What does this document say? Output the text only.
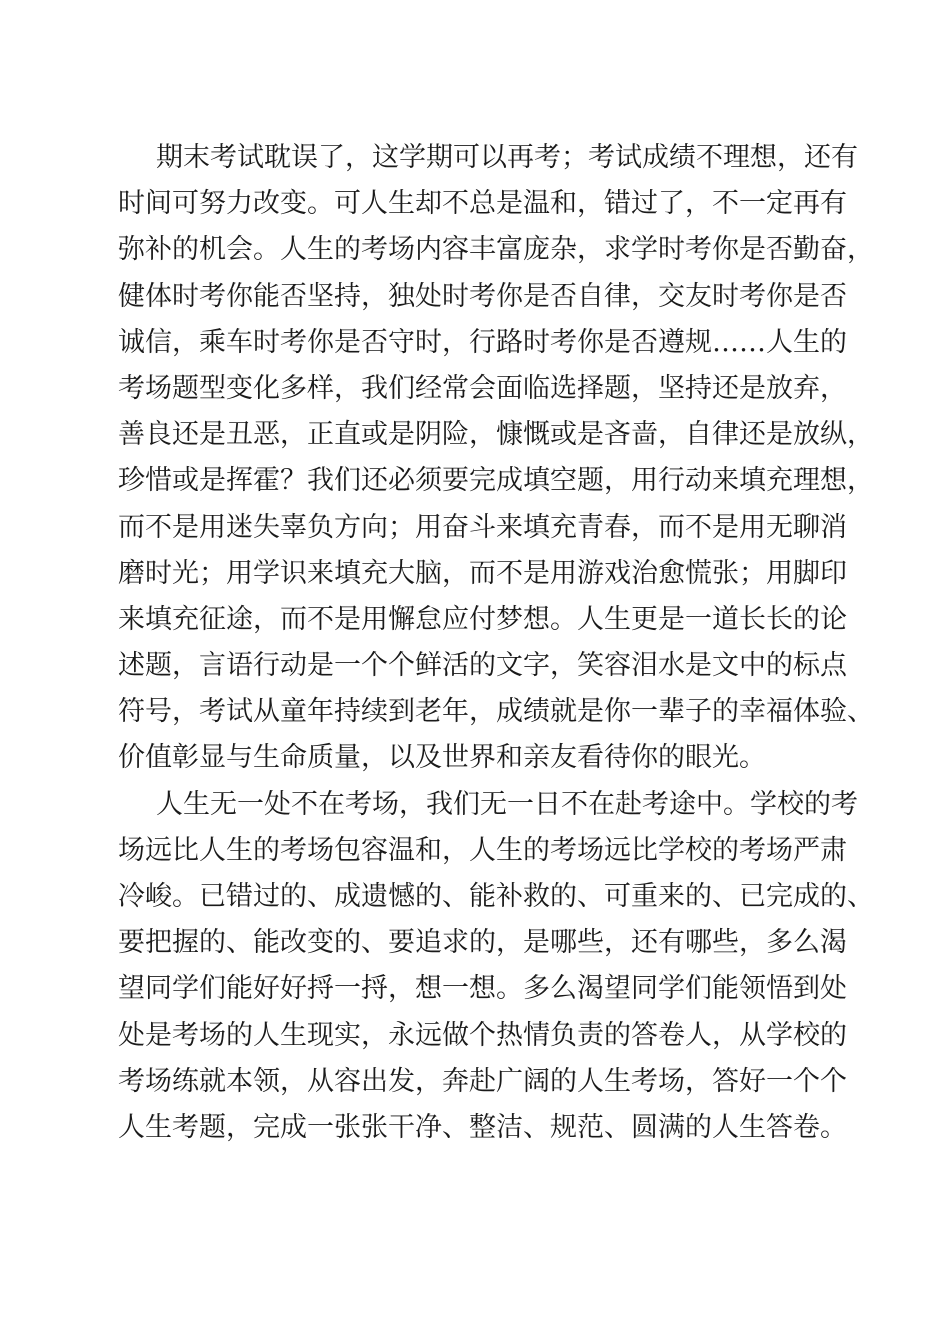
期末考试耽误了，这学期可以再考；考试成绩不理想，还有
时间可努力改变。可人生却不总是温和，错过了，不一定再有
弥补的机会。人生的考场内容丰富庞杂，求学时考你是否勤奋，
健体时考你能否坚持，独处时考你是否自律，交友时考你是否
诚信，乘车时考你是否守时，行路时考你是否遵规……人生的
考场题型变化多样，我们经常会面临选择题，坚持还是放弃，
善良还是丑恶，正直或是阴险，慷慨或是吝啬，自律还是放纵，
珍惜或是挥霍？我们还必须要完成填空题，用行动来填充理想，
而不是用迷失辜负方向；用奋斗来填充青春，而不是用无聊消
磨时光；用学识来填充大脑，而不是用游戏治愈慌张；用脚印
来填充征途，而不是用懈怠应付梦想。人生更是一道长长的论
述题，言语行动是一个个鲜活的文字，笑容泪水是文中的标点
符号，考试从童年持续到老年，成绩就是你一辈子的幸福体验、
价值彰显与生命质量，以及世界和亲友看待你的眼光。
人生无一处不在考场，我们无一日不在赴考途中。学校的考
场远比人生的考场包容温和，人生的考场远比学校的考场严肃
冷峻。已错过的、成遗憾的、能补救的、可重来的、已完成的、
要把握的、能改变的、要追求的，是哪些，还有哪些，多么渴
望同学们能好好捋一捋，想一想。多么渴望同学们能领悟到处
处是考场的人生现实，永远做个热情负责的答卷人，从学校的
考场练就本领，从容出发，奔赴广阔的人生考场，答好一个个
人生考题，完成一张张干净、整洁、规范、圆满的人生答卷。
